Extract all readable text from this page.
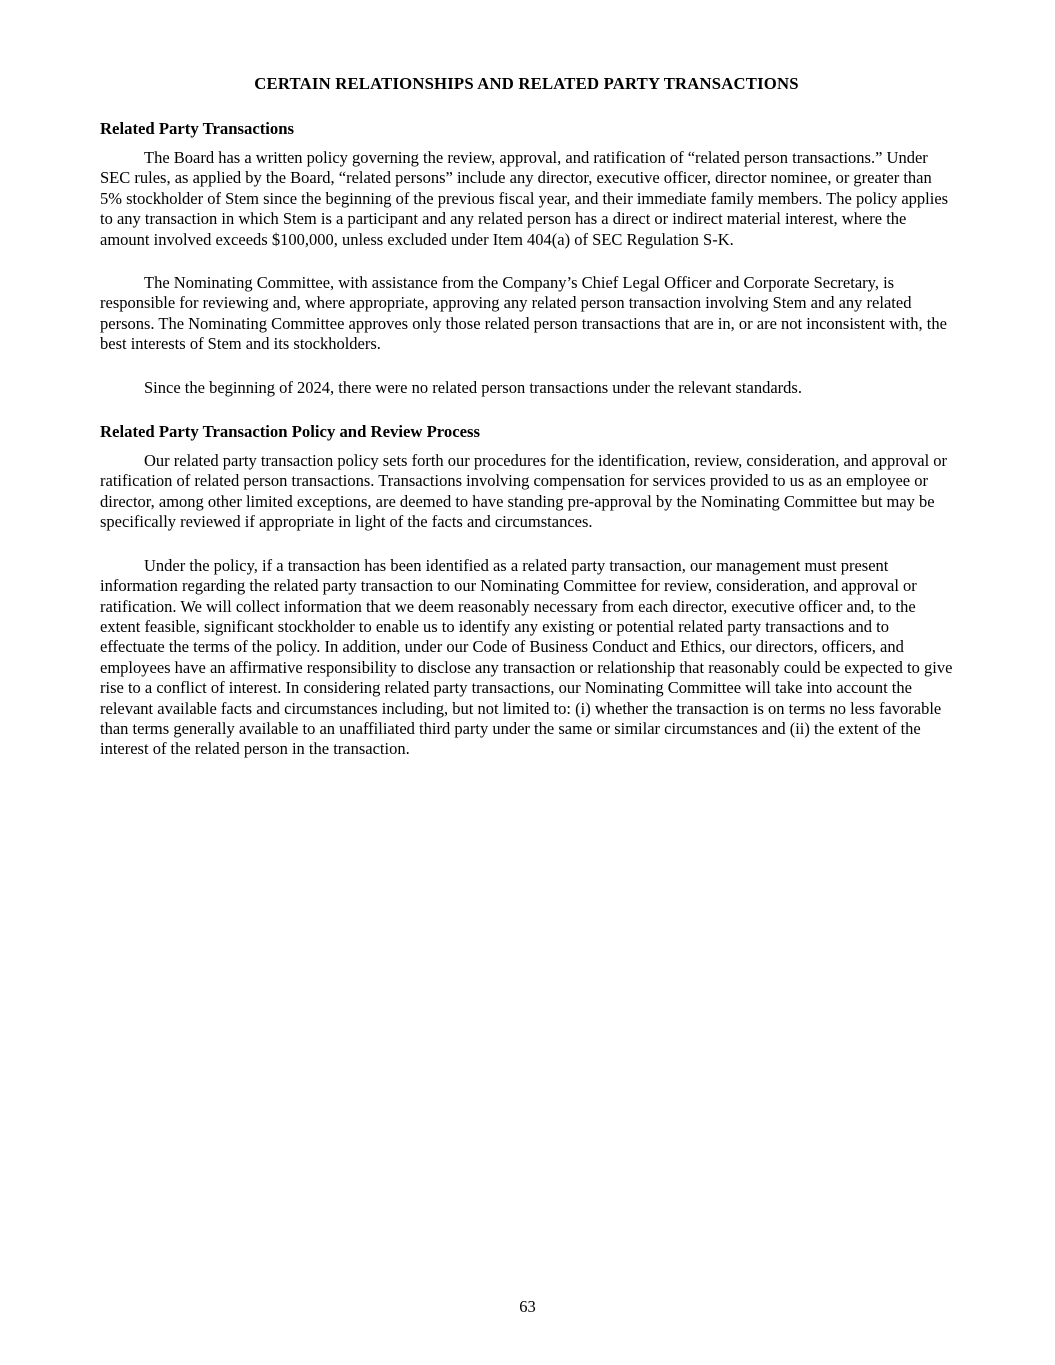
CERTAIN RELATIONSHIPS AND RELATED PARTY TRANSACTIONS
Related Party Transactions

The Board has a written policy governing the review, approval, and ratification of “related person transactions.” Under SEC rules, as applied by the Board, “related persons” include any director, executive officer, director nominee, or greater than 5% stockholder of Stem since the beginning of the previous fiscal year, and their immediate family members. The policy applies to any transaction in which Stem is a participant and any related person has a direct or indirect material interest, where the amount involved exceeds $100,000, unless excluded under Item 404(a) of SEC Regulation S-K.

The Nominating Committee, with assistance from the Company’s Chief Legal Officer and Corporate Secretary, is responsible for reviewing and, where appropriate, approving any related person transaction involving Stem and any related persons. The Nominating Committee approves only those related person transactions that are in, or are not inconsistent with, the best interests of Stem and its stockholders.

Since the beginning of 2024, there were no related person transactions under the relevant standards.

Related Party Transaction Policy and Review Process

Our related party transaction policy sets forth our procedures for the identification, review, consideration, and approval or ratification of related person transactions. Transactions involving compensation for services provided to us as an employee or director, among other limited exceptions, are deemed to have standing pre-approval by the Nominating Committee but may be specifically reviewed if appropriate in light of the facts and circumstances.

Under the policy, if a transaction has been identified as a related party transaction, our management must present information regarding the related party transaction to our Nominating Committee for review, consideration, and approval or ratification. We will collect information that we deem reasonably necessary from each director, executive officer and, to the extent feasible, significant stockholder to enable us to identify any existing or potential related party transactions and to effectuate the terms of the policy. In addition, under our Code of Business Conduct and Ethics, our directors, officers, and employees have an affirmative responsibility to disclose any transaction or relationship that reasonably could be expected to give rise to a conflict of interest. In considering related party transactions, our Nominating Committee will take into account the relevant available facts and circumstances including, but not limited to: (i) whether the transaction is on terms no less favorable than terms generally available to an unaffiliated third party under the same or similar circumstances and (ii) the extent of the interest of the related person in the transaction.

63
